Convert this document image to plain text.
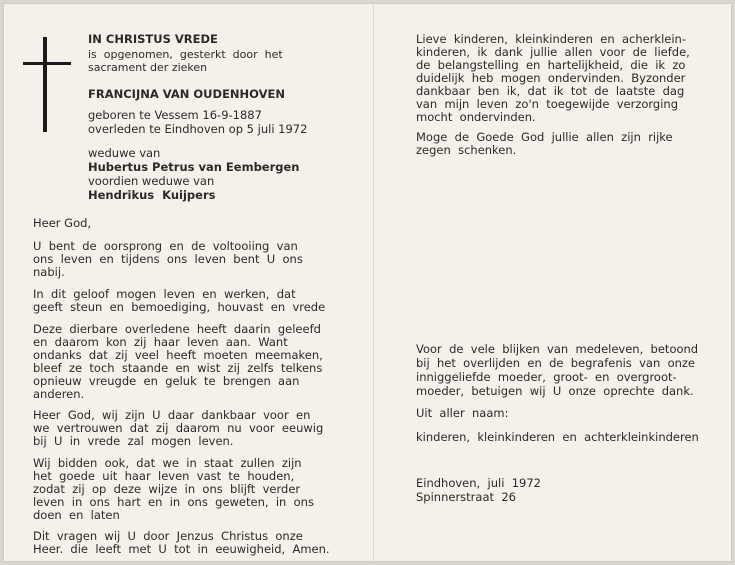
IN CHRISTUS VREDE

is  opgenomen,  gesterkt  door  het

sacrament der zieken

FRANCIJNA VAN OUDENHOVEN

geboren te Vessem 16-9-1887

overleden te Eindhoven op 5 juli 1972

weduwe van

Hubertus Petrus van Eembergen

voordien weduwe van

Hendrikus  Kuijpers

Heer God,

U  bent  de  oorsprong  en  de  voltooiing  van

ons  leven  en  tijdens  ons  leven  bent  U  ons

nabij.

In  dit  geloof  mogen  leven  en  werken,  dat

geeft  steun  en  bemoediging,  houvast  en  vrede

Deze  dierbare  overledene  heeft  daarin  geleefd

en  daarom  kon  zij  haar  leven  aan.  Want

ondanks  dat  zij  veel  heeft  moeten  meemaken,

bleef  ze  toch  staande  en  wist  zij  zelfs  telkens

opnieuw  vreugde  en  geluk  te  brengen  aan

anderen.

Heer  God,  wij  zijn  U  daar  dankbaar  voor  en

we  vertrouwen  dat  zij  daarom  nu  voor  eeuwig

bij  U  in  vrede  zal  mogen  leven.

Wij  bidden  ook,  dat  we  in  staat  zullen  zijn

het  goede  uit  haar  leven  vast  te  houden,

zodat  zij  op  deze  wijze  in  ons  blijft  verder

leven  in  ons  hart  en  in  ons  geweten,  in  ons

doen  en  laten

Dit  vragen  wij  U  door  Jenzus  Christus  onze

Heer.  die  leeft  met  U  tot  in  eeuwigheid,  Amen.

Lieve  kinderen,  kleinkinderen  en  acherklein-

kinderen,  ik  dank  jullie  allen  voor  de  liefde,

de  belangstelling  en  hartelijkheid,  die  ik  zo

duidelijk  heb  mogen  ondervinden.  Byzonder

dankbaar  ben  ik,  dat  ik  tot  de  laatste  dag

van  mijn  leven  zo'n  toegewijde  verzorging

mocht  ondervinden.

Moge  de  Goede  God  jullie  allen  zijn  rijke

zegen  schenken.

Voor  de  vele  blijken  van  medeleven,  betoond

bij  het  overlijden  en  de  begrafenis  van  onze

inniggeliefde  moeder,  groot-  en  overgroot-

moeder,  betuigen  wij  U  onze  oprechte  dank.

Uit  aller  naam:

kinderen,  kleinkinderen  en  achterkleinkinderen

Eindhoven,  juli  1972

Spinnerstraat  26
